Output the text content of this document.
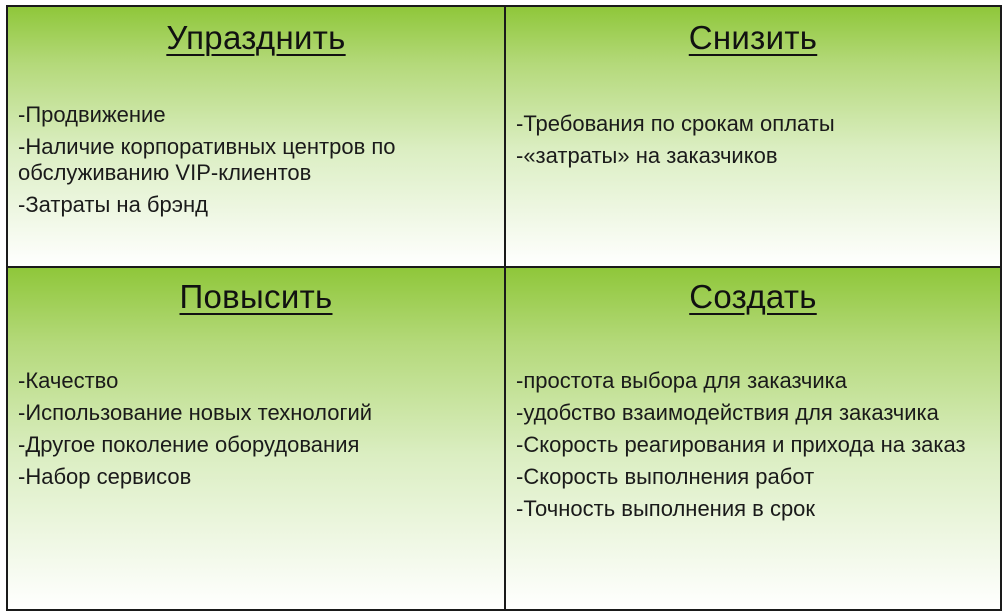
Упразднить
-Продвижение
-Наличие корпоративных центров по обслуживанию VIP-клиентов
-Затраты на брэнд
Снизить
-Требования по срокам оплаты
-«затраты» на заказчиков
Повысить
-Качество
-Использование новых технологий
-Другое поколение оборудования
-Набор сервисов
Создать
-простота выбора для заказчика
-удобство взаимодействия для заказчика
-Скорость реагирования и прихода на заказ
-Скорость выполнения работ
-Точность выполнения в срок
